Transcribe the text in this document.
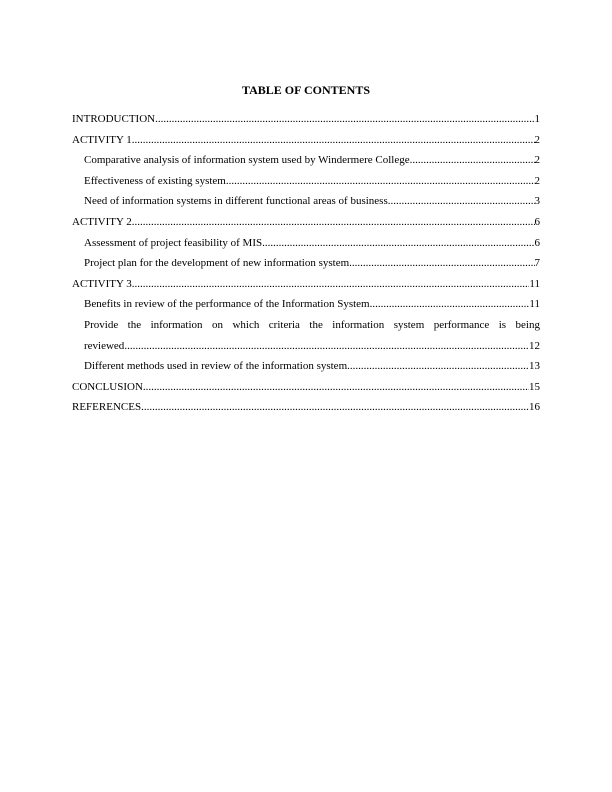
TABLE OF CONTENTS
INTRODUCTION .....	1
ACTIVITY 1 .....	2
Comparative analysis of information system used by Windermere College .....	2
Effectiveness of existing system .....	2
Need of information systems in different functional areas of business .....	3
ACTIVITY 2 .....	6
Assessment of project feasibility of MIS .....	6
Project plan for the development of new information system .....	7
ACTIVITY 3 .....	11
Benefits in review of the performance of the Information System .....	11
Provide the information on which criteria the information system performance is being
reviewed .....	12
Different methods used in review of the information system .....	13
CONCLUSION .....	15
REFERENCES .....	16
